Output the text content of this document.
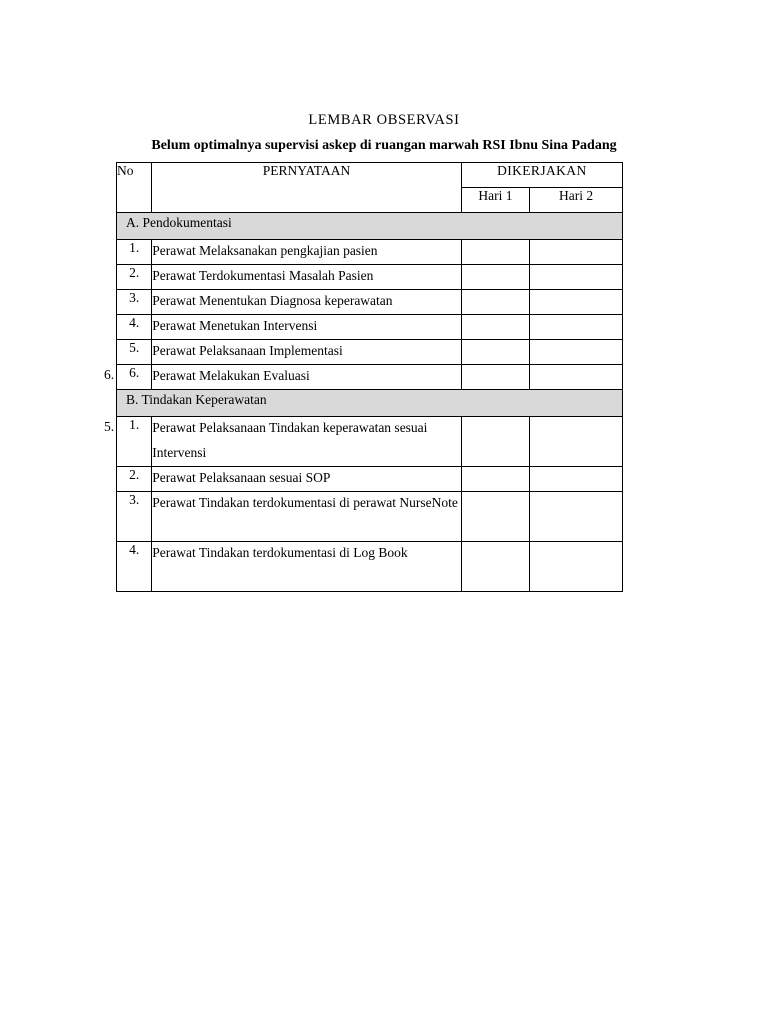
LEMBAR OBSERVASI
Belum optimalnya supervisi askep di ruangan marwah RSI Ibnu Sina Padang
No	PERNYATAAN	DIKERJAKAN	
		Hari 1	Hari 2
A. Pendokumentasi			
1.	Perawat Melaksanakan pengkajian pasien		

2.	Perawat Terdokumentasi Masalah Pasien		

3.	Perawat Menentukan Diagnosa keperawatan		

4.	Perawat Menetukan Intervensi		

5.	Perawat Pelaksanaan Implementasi		

6. 6.	Perawat Melakukan Evaluasi		

B. Tindakan Keperawatan			

5. 1.	Perawat Pelaksanaan Tindakan keperawatan sesuai Intervensi		

2.	Perawat Pelaksanaan sesuai SOP		

3.	Perawat Tindakan terdokumentasi di perawat NurseNote		

4.	Perawat Tindakan terdokumentasi di Log Book		
